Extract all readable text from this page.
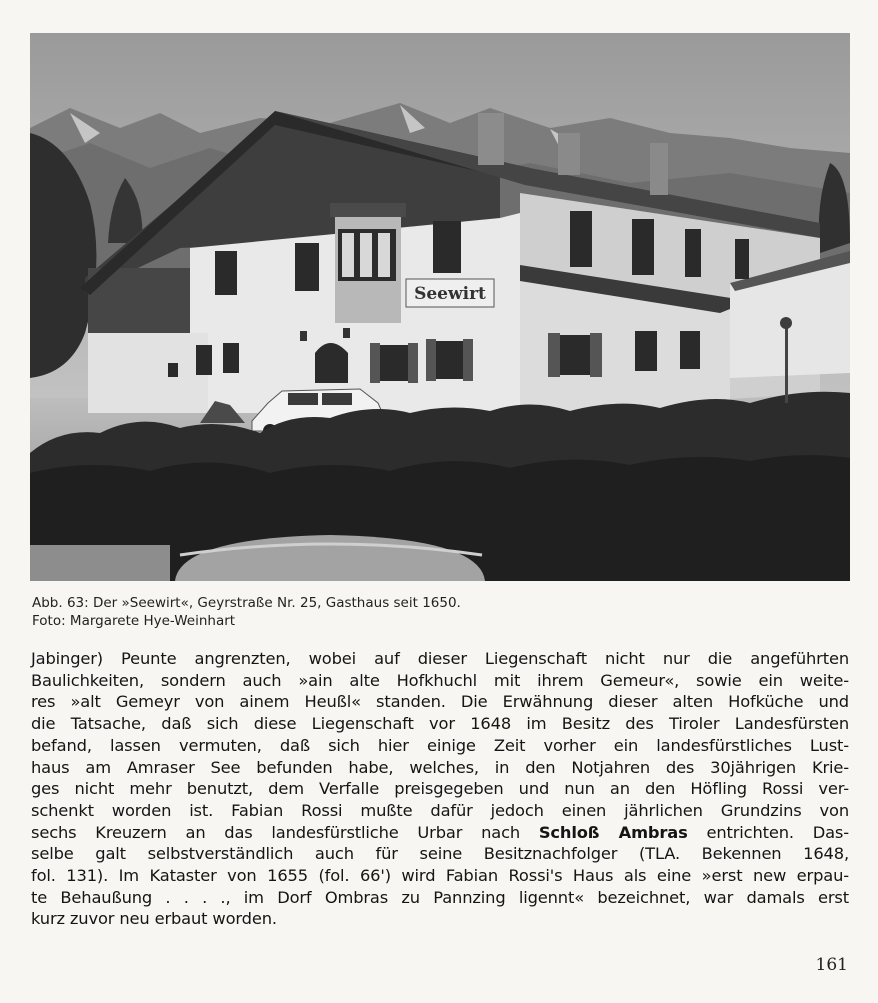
Seewirt
Abb. 63: Der »Seewirt«, Geyrstraße Nr. 25, Gasthaus seit 1650.
Foto: Margarete Hye-Weinhart
Jabinger) Peunte angrenzten, wobei auf dieser Liegenschaft nicht nur die angeführten
Baulichkeiten, sondern auch »ain alte Hofkhuchl mit ihrem Gemeur«, sowie ein weite-
res »alt Gemeyr von ainem Heußl« standen. Die Erwähnung dieser alten Hofküche und
die Tatsache, daß sich diese Liegenschaft vor 1648 im Besitz des Tiroler Landesfürsten
befand, lassen vermuten, daß sich hier einige Zeit vorher ein landesfürstliches Lust-
haus am Amraser See befunden habe, welches, in den Notjahren des 30jährigen Krie-
ges nicht mehr benutzt, dem Verfalle preisgegeben und nun an den Höfling Rossi ver-
schenkt worden ist. Fabian Rossi mußte dafür jedoch einen jährlichen Grundzins von
sechs Kreuzern an das landesfürstliche Urbar nach Schloß Ambras entrichten. Das-
selbe galt selbstverständlich auch für seine Besitznachfolger (TLA. Bekennen 1648,
fol. 131). Im Kataster von 1655 (fol. 66') wird Fabian Rossi's Haus als eine »erst new erpau-
te Behaußung . . . ., im Dorf Ombras zu Pannzing ligennt« bezeichnet, war damals erst
kurz zuvor neu erbaut worden.
161
